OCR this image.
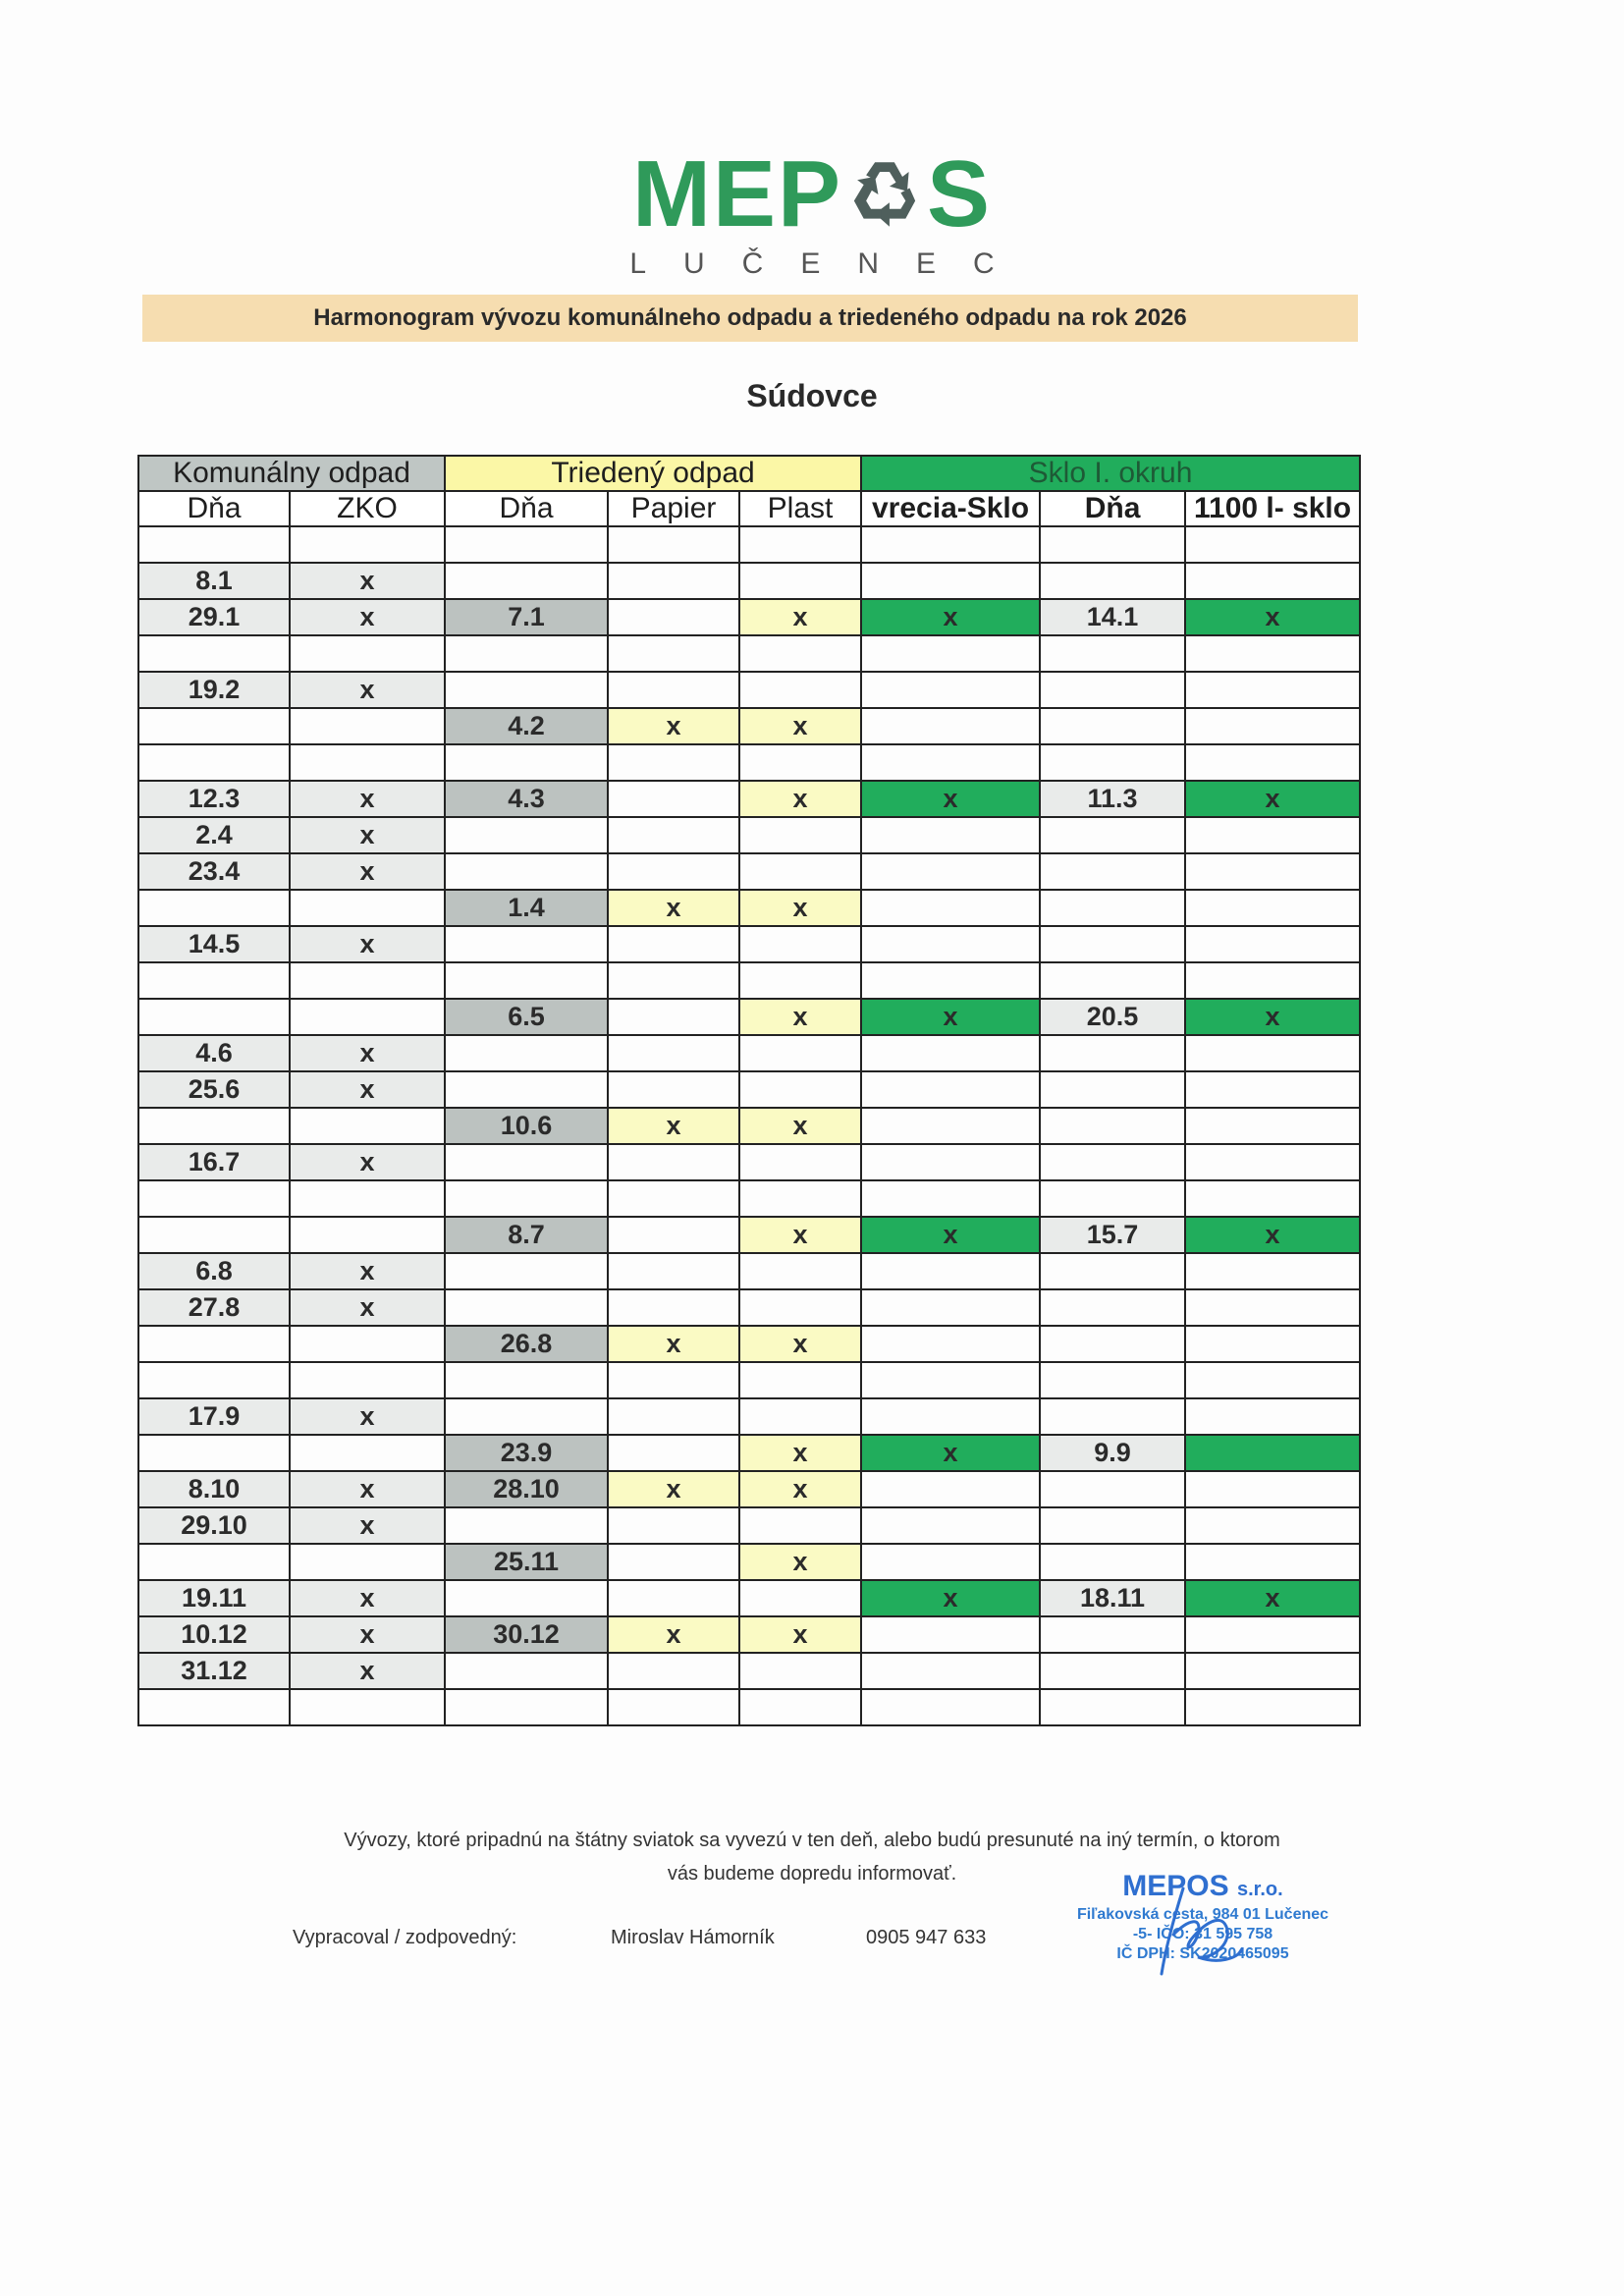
MEP S
LUČENEC
Harmonogram vývozu komunálneho odpadu a triedeného odpadu na rok 2026
Súdovce
Komunálny odpad		Triedený odpad			Sklo I. okruh		
Dňa	ZKO	Dňa	Papier	Plast	vrecia-Sklo	Dňa	1100 l- sklo

8.1	x						
29.1	x	7.1		x	x	14.1	x

19.2	x						
		4.2	x	x			

12.3	x	4.3		x	x	11.3	x
2.4	x						
23.4	x						
		1.4	x	x			
14.5	x						

		6.5		x	x	20.5	x
4.6	x						
25.6	x						
		10.6	x	x			
16.7	x						

		8.7		x	x	15.7	x
6.8	x						
27.8	x						
		26.8	x	x			

17.9	x						
		23.9		x	x	9.9	
8.10	x	28.10	x	x			
29.10	x						
		25.11		x			
19.11	x				x	18.11	x
10.12	x	30.12	x	x			
31.12	x						

Vývozy, ktoré pripadnú na štátny sviatok sa vyvezú v ten deň, alebo budú presunuté na iný termín, o ktorom
vás budeme dopredu informovať.
Vypracoval / zodpovedný:	Miroslav Hámorník	0905 947 633
MEPOS s.r.o.
Fiľakovská cesta, 984 01 Lučenec
-5- IČO: 31 595 758
IČ DPH: SK2020465095
